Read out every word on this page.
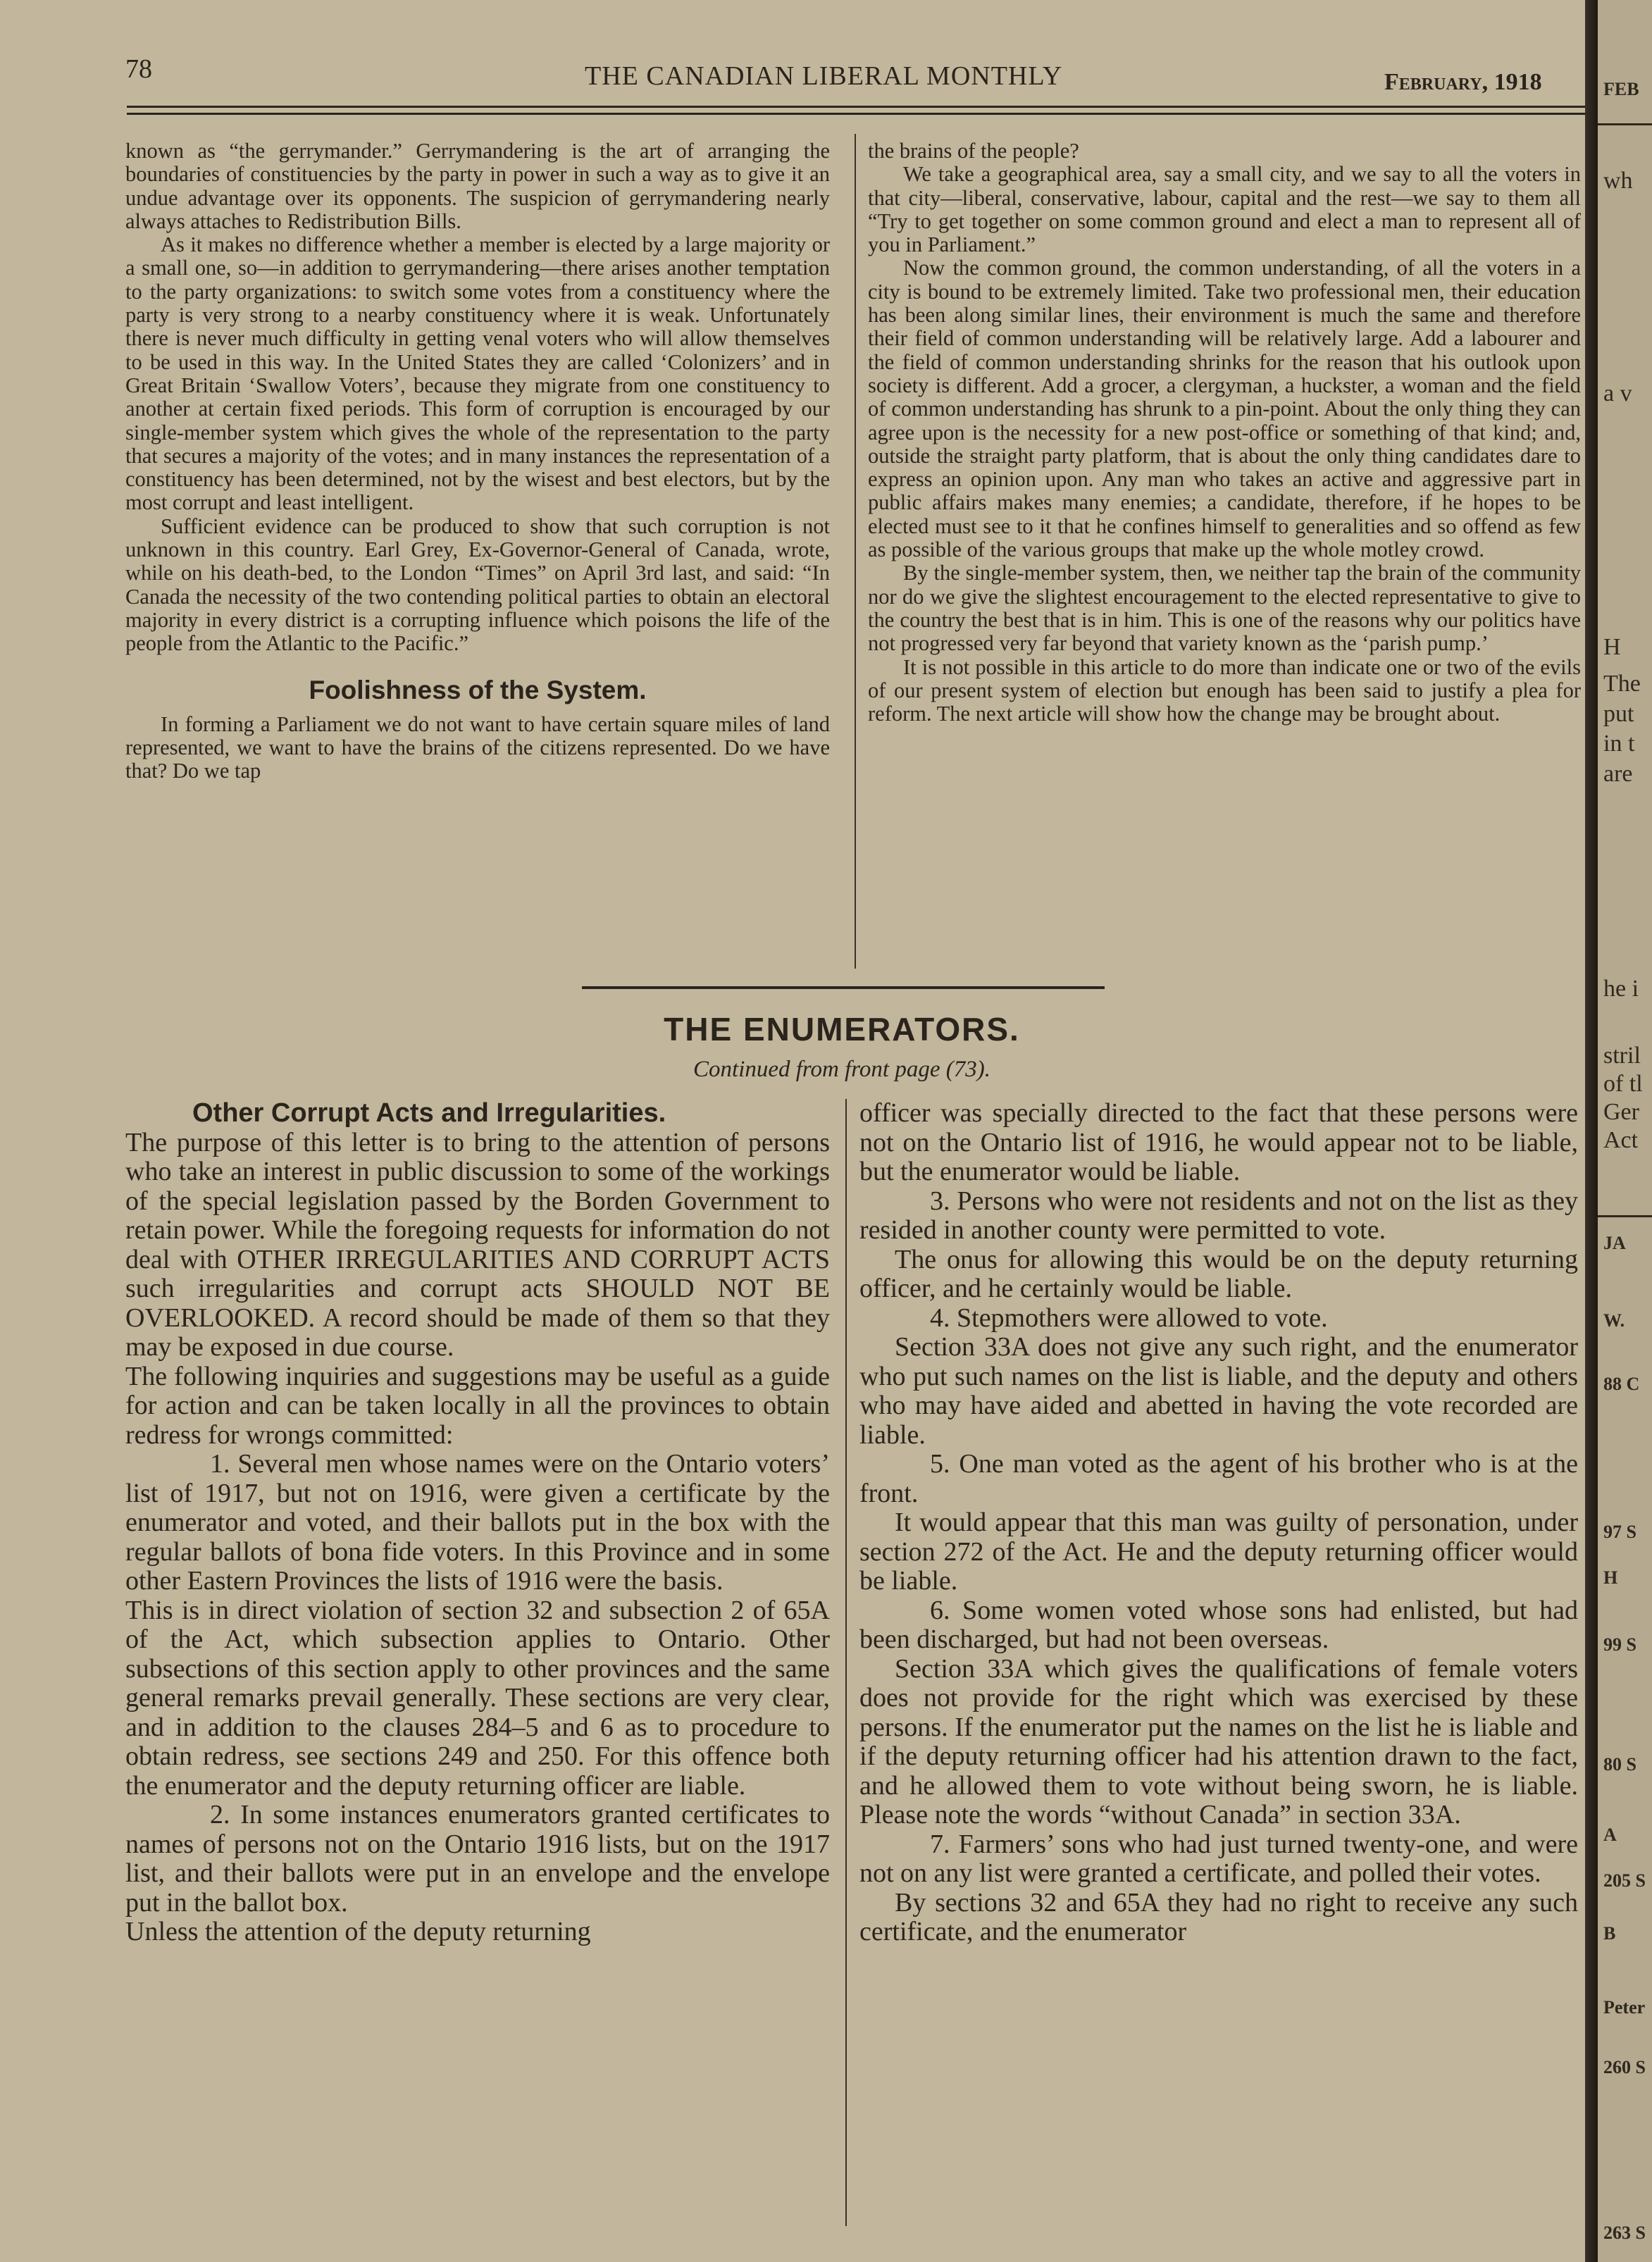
78	THE CANADIAN LIBERAL MONTHLY	February, 1918

known as “the gerrymander.” Gerrymandering is the art of arranging the boundaries of constituencies by the party in power in such a way as to give it an undue advantage over its opponents. The suspicion of gerrymandering nearly always attaches to Redistribution Bills.

As it makes no difference whether a member is elected by a large majority or a small one, so—in addition to gerrymandering—there arises another temptation to the party organizations: to switch some votes from a constituency where the party is very strong to a nearby constituency where it is weak. Unfortunately there is never much difficulty in getting venal voters who will allow themselves to be used in this way. In the United States they are called ‘Colonizers’ and in Great Britain ‘Swallow Voters’, because they migrate from one constituency to another at certain fixed periods. This form of corruption is encouraged by our single-member system which gives the whole of the representation to the party that secures a majority of the votes; and in many instances the representation of a constituency has been determined, not by the wisest and best electors, but by the most corrupt and least intelligent.

Sufficient evidence can be produced to show that such corruption is not unknown in this country. Earl Grey, Ex-Governor-General of Canada, wrote, while on his death-bed, to the London “Times” on April 3rd last, and said: “In Canada the necessity of the two contending political parties to obtain an electoral majority in every district is a corrupting influence which poisons the life of the people from the Atlantic to the Pacific.”

Foolishness of the System.

In forming a Parliament we do not want to have certain square miles of land represented, we want to have the brains of the citizens represented. Do we have that? Do we tap

the brains of the people?

We take a geographical area, say a small city, and we say to all the voters in that city—liberal, conservative, labour, capital and the rest—we say to them all “Try to get together on some common ground and elect a man to represent all of you in Parliament.”

Now the common ground, the common understanding, of all the voters in a city is bound to be extremely limited. Take two professional men, their education has been along similar lines, their environment is much the same and therefore their field of common understanding will be relatively large. Add a labourer and the field of common understanding shrinks for the reason that his outlook upon society is different. Add a grocer, a clergyman, a huckster, a woman and the field of common understanding has shrunk to a pin-point. About the only thing they can agree upon is the necessity for a new post-office or something of that kind; and, outside the straight party platform, that is about the only thing candidates dare to express an opinion upon. Any man who takes an active and aggressive part in public affairs makes many enemies; a candidate, therefore, if he hopes to be elected must see to it that he confines himself to generalities and so offend as few as possible of the various groups that make up the whole motley crowd.

By the single-member system, then, we neither tap the brain of the community nor do we give the slightest encouragement to the elected representative to give to the country the best that is in him. This is one of the reasons why our politics have not progressed very far beyond that variety known as the ‘parish pump.’

It is not possible in this article to do more than indicate one or two of the evils of our present system of election but enough has been said to justify a plea for reform. The next article will show how the change may be brought about.

THE ENUMERATORS.
Continued from front page (73).
Other Corrupt Acts and Irregularities.

The purpose of this letter is to bring to the attention of persons who take an interest in public discussion to some of the workings of the special legislation passed by the Borden Government to retain power. While the foregoing requests for information do not deal with OTHER IRREGULARITIES AND CORRUPT ACTS such irregularities and corrupt acts SHOULD NOT BE OVERLOOKED. A record should be made of them so that they may be exposed in due course.

The following inquiries and suggestions may be useful as a guide for action and can be taken locally in all the provinces to obtain redress for wrongs committed:

1. Several men whose names were on the Ontario voters’ list of 1917, but not on 1916, were given a certificate by the enumerator and voted, and their ballots put in the box with the regular ballots of bona fide voters. In this Province and in some other Eastern Provinces the lists of 1916 were the basis.

This is in direct violation of section 32 and subsection 2 of 65A of the Act, which subsection applies to Ontario. Other subsections of this section apply to other provinces and the same general remarks prevail generally. These sections are very clear, and in addition to the clauses 284–5 and 6 as to procedure to obtain redress, see sections 249 and 250. For this offence both the enumerator and the deputy returning officer are liable.

2. In some instances enumerators granted certificates to names of persons not on the Ontario 1916 lists, but on the 1917 list, and their ballots were put in an envelope and the envelope put in the ballot box.

Unless the attention of the deputy returning

officer was specially directed to the fact that these persons were not on the Ontario list of 1916, he would appear not to be liable, but the enumerator would be liable.

3. Persons who were not residents and not on the list as they resided in another county were permitted to vote.

The onus for allowing this would be on the deputy returning officer, and he certainly would be liable.

4. Stepmothers were allowed to vote.

Section 33A does not give any such right, and the enumerator who put such names on the list is liable, and the deputy and others who may have aided and abetted in having the vote recorded are liable.

5. One man voted as the agent of his brother who is at the front.

It would appear that this man was guilty of personation, under section 272 of the Act. He and the deputy returning officer would be liable.

6. Some women voted whose sons had enlisted, but had been discharged, but had not been overseas.

Section 33A which gives the qualifications of female voters does not provide for the right which was exercised by these persons. If the enumerator put the names on the list he is liable and if the deputy returning officer had his attention drawn to the fact, and he allowed them to vote without being sworn, he is liable. Please note the words “without Canada” in section 33A.

7. Farmers’ sons who had just turned twenty-one, and were not on any list were granted a certificate, and polled their votes.

By sections 32 and 65A they had no right to receive any such certificate, and the enumerator

FEB
wh
a v
H
The
put
in t
are
he i
stril
of tl
Ger
Act
JA
W.
88 C
97 S
H
99 S
80 S
A
205 S
B
Peter
260 S
263 S
